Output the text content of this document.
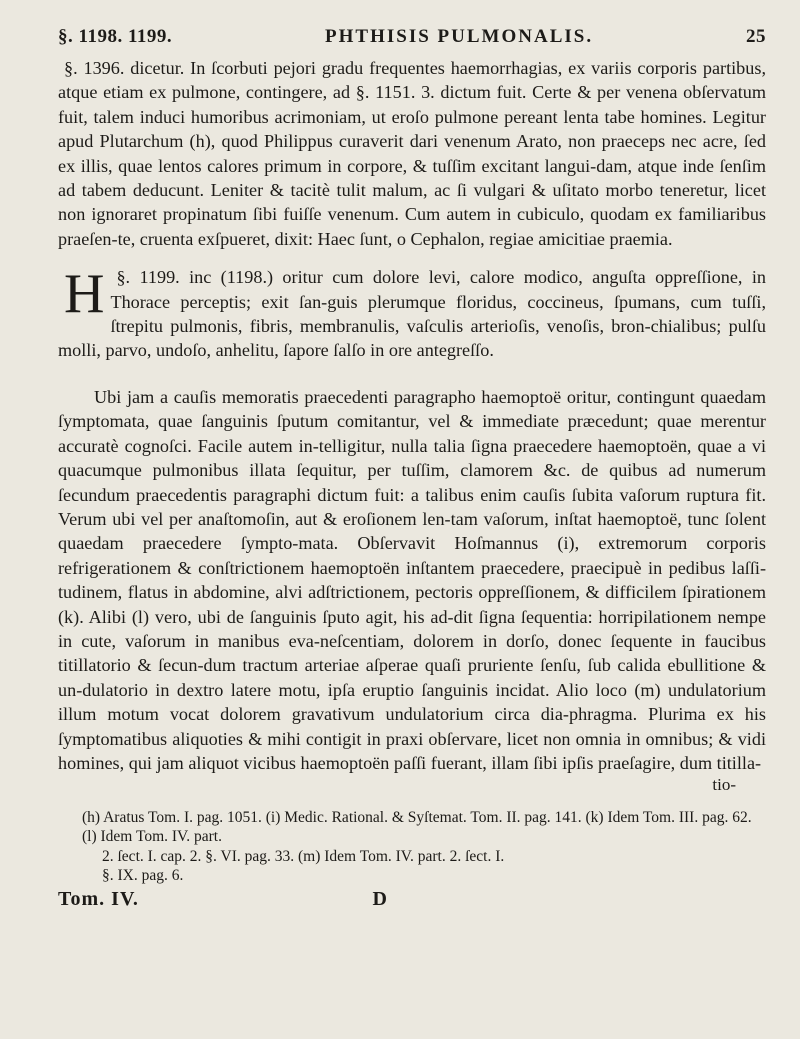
§. 1198. 1199.	PHTHISIS PULMONALIS.	25

§. 1396. dicetur. In ſcorbuti pejori gradu frequentes haemorrhagias, ex variis corporis partibus, atque etiam ex pulmone, contingere, ad §. 1151. 3. dictum fuit. Certe & per venena obſervatum fuit, talem induci humoribus acrimoniam, ut eroſo pulmone pereant lenta tabe homines. Legitur apud Plutarchum (h), quod Philippus curaverit dari venenum Arato, non praeceps nec acre, ſed ex illis, quae lentos calores primum in corpore, & tuſſim excitant langui-dam, atque inde ſenſim ad tabem deducunt. Leniter & tacitè tulit malum, ac ſi vulgari & uſitato morbo teneretur, licet non ignoraret propinatum ſibi fuiſſe venenum. Cum autem in cubiculo, quodam ex familiaribus praeſen-te, cruenta exſpueret, dixit: Haec ſunt, o Cephalon, regiae amicitiae praemia.

§. 1199.
H	inc (1198.) oritur cum dolore levi, calore modico, anguſta oppreſſione, in Thorace perceptis; exit ſan-guis plerumque floridus, coccineus, ſpumans, cum tuſſi, ſtrepitu pulmonis, fibris, membranulis, vaſculis arterioſis, venoſis, bron-chialibus; pulſu molli, parvo, undoſo, anhelitu, ſapore ſalſo in ore antegreſſo.

Ubi jam a cauſis memoratis praecedenti paragrapho haemoptoë oritur, contingunt quaedam ſymptomata, quae ſanguinis ſputum comitantur, vel & immediate præcedunt; quae merentur accuratè cognoſci. Facile autem in-telligitur, nulla talia ſigna praecedere haemoptoën, quae a vi quacumque pulmonibus illata ſequitur, per tuſſim, clamorem &c. de quibus ad numerum ſecundum praecedentis paragraphi dictum fuit: a talibus enim cauſis ſubita vaſorum ruptura fit. Verum ubi vel per anaſtomoſin, aut & eroſionem len-tam vaſorum, inſtat haemoptoë, tunc ſolent quaedam praecedere ſympto-mata. Obſervavit Hoſmannus (i), extremorum corporis refrigerationem & conſtrictionem haemoptoën inſtantem praecedere, praecipuè in pedibus laſſi-tudinem, flatus in abdomine, alvi adſtrictionem, pectoris oppreſſionem, & difficilem ſpirationem (k). Alibi (l) vero, ubi de ſanguinis ſputo agit, his ad-dit ſigna ſequentia: horripilationem nempe in cute, vaſorum in manibus eva-neſcentiam, dolorem in dorſo, donec ſequente in faucibus titillatorio & ſecun-dum tractum arteriae aſperae quaſi pruriente ſenſu, ſub calida ebullitione & un-dulatorio in dextro latere motu, ipſa eruptio ſanguinis incidat. Alio loco (m) undulatorium illum motum vocat dolorem gravativum undulatorium circa dia-phragma. Plurima ex his ſymptomatibus aliquoties & mihi contigit in praxi obſervare, licet non omnia in omnibus; & vidi homines, qui jam aliquot vicibus haemoptoën paſſi fuerant, illam ſibi ipſis praeſagire, dum titilla-

tio-

(h) Aratus Tom. I. pag. 1051. (i) Medic. Rational. & Syſtemat. Tom. II. pag. 141. (k) Idem Tom. III. pag. 62. (l) Idem Tom. IV. part.

2. ſect. I. cap. 2. §. VI. pag. 33. (m) Idem Tom. IV. part. 2. ſect. I.

§. IX. pag. 6.

Tom. IV.	D
